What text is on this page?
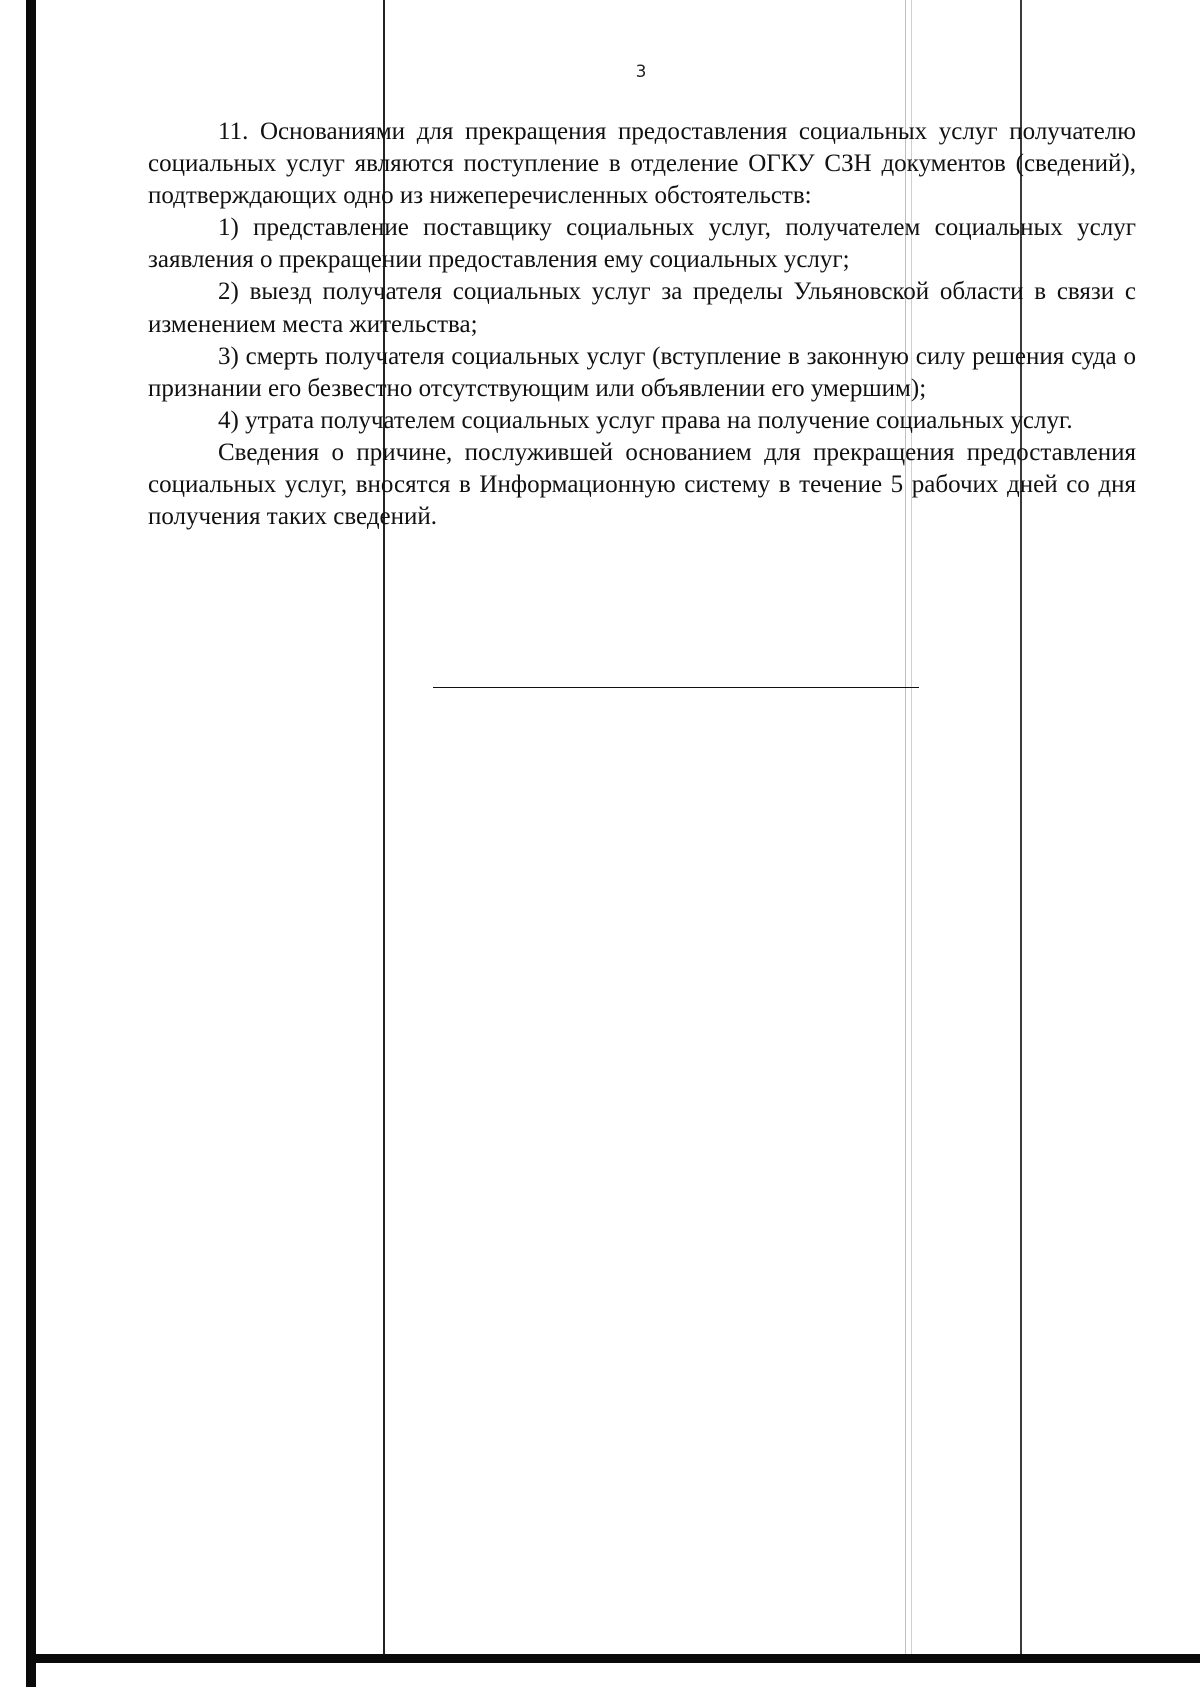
3

11. Основаниями для прекращения предоставления социальных услуг получателю социальных услуг являются поступление в отделение ОГКУ СЗН документов (сведений), подтверждающих одно из нижеперечисленных обстоятельств:

1) представление поставщику социальных услуг, получателем социальных услуг заявления о прекращении предоставления ему социальных услуг;

2) выезд получателя социальных услуг за пределы Ульяновской области в связи с изменением места жительства;

3) смерть получателя социальных услуг (вступление в законную силу решения суда о признании его безвестно отсутствующим или объявлении его умершим);

4) утрата получателем социальных услуг права на получение социальных услуг.

Сведения о причине, послужившей основанием для прекращения предоставления социальных услуг, вносятся в Информационную систему в течение 5 рабочих дней со дня получения таких сведений.
